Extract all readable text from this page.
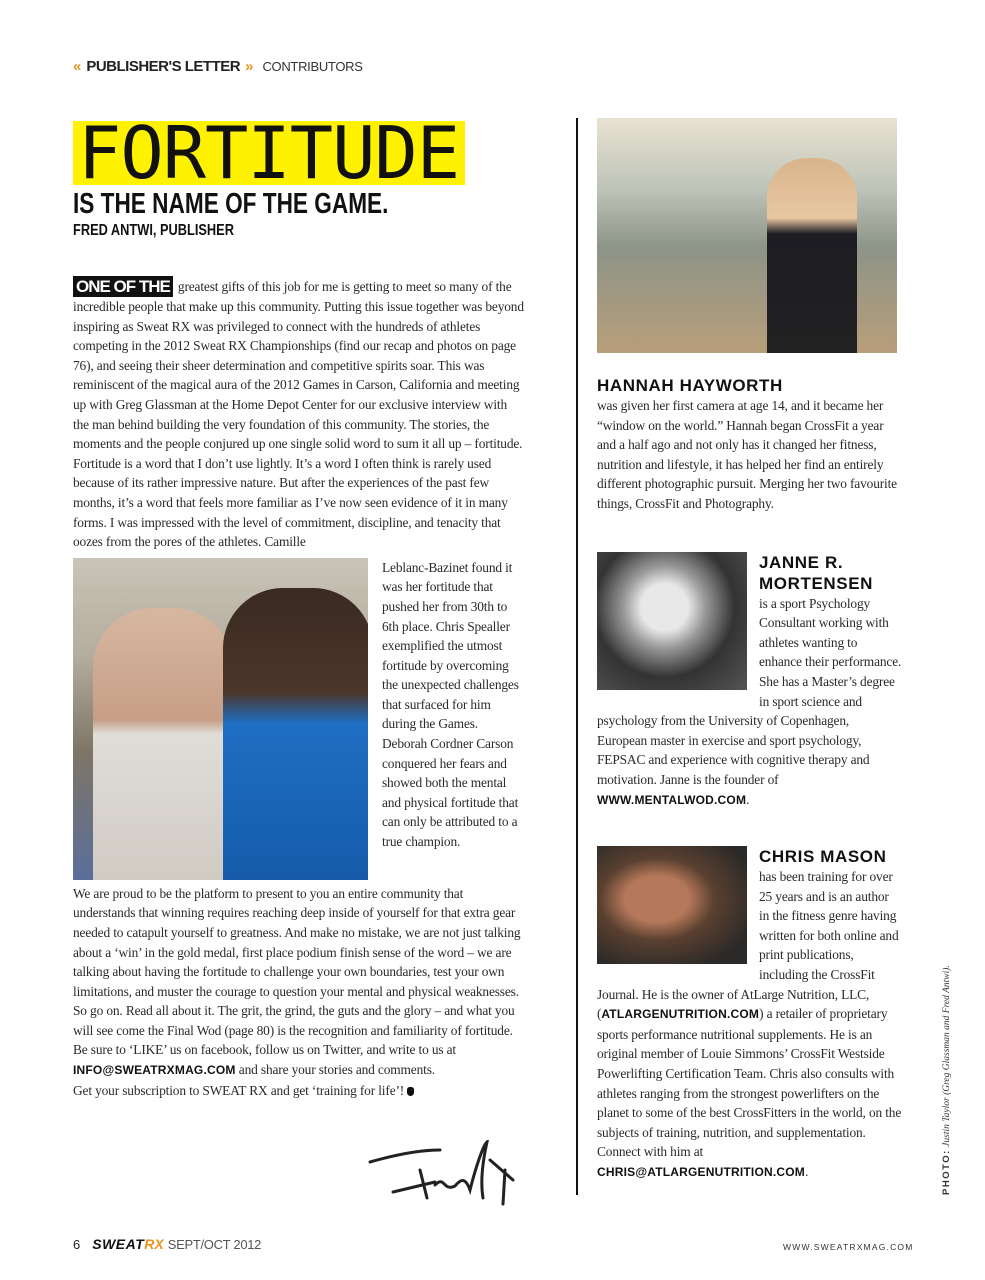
« PUBLISHER'S LETTER » CONTRIBUTORS
FORTITUDE
IS THE NAME OF THE GAME.
FRED ANTWI, PUBLISHER
ONE OF THE greatest gifts of this job for me is getting to meet so many of the incredible people that make up this community. Putting this issue together was beyond inspiring as Sweat RX was privileged to connect with the hundreds of athletes competing in the 2012 Sweat RX Championships (find our recap and photos on page 76), and seeing their sheer determination and competitive spirits soar. This was reminiscent of the magical aura of the 2012 Games in Carson, California and meeting up with Greg Glassman at the Home Depot Center for our exclusive interview with the man behind building the very foundation of this community. The stories, the moments and the people conjured up one single solid word to sum it all up – fortitude. Fortitude is a word that I don’t use lightly. It’s a word I often think is rarely used because of its rather impressive nature. But after the experiences of the past few months, it’s a word that feels more familiar as I’ve now seen evidence of it in many forms. I was impressed with the level of commitment, discipline, and tenacity that oozes from the pores of the athletes. Camille
Leblanc-Bazinet found it was her fortitude that pushed her from 30th to 6th place. Chris Spealler exemplified the utmost fortitude by overcoming the unexpected challenges that surfaced for him during the Games. Deborah Cordner Carson conquered her fears and showed both the mental and physical fortitude that can only be attributed to a true champion.
We are proud to be the platform to present to you an entire community that understands that winning requires reaching deep inside of yourself for that extra gear needed to catapult yourself to greatness. And make no mistake, we are not just talking about a ‘win’ in the gold medal, first place podium finish sense of the word – we are talking about having the fortitude to challenge your own boundaries, test your own limitations, and muster the courage to question your mental and physical weaknesses. So go on. Read all about it. The grit, the grind, the guts and the glory – and what you will see come the Final Wod (page 80) is the recognition and familiarity of fortitude. Be sure to ‘LIKE’ us on facebook, follow us on Twitter, and write to us at
INFO@SWEATRXMAG.COM and share your stories and comments.
Get your subscription to SWEAT RX and get ‘training for life’!
HANNAH HAYWORTH
was given her first camera at age 14, and it became her “window on the world.” Hannah began CrossFit a year and a half ago and not only has it changed her fitness, nutrition and lifestyle, it has helped her find an entirely different photographic pursuit. Merging her two favourite things, CrossFit and Photography.
JANNE R.
MORTENSEN
is a sport Psychology Consultant working with athletes wanting to enhance their performance. She has a Master’s degree in sport science and psychology from the University of Copenhagen, European master in exercise and sport psychology, FEPSAC and experience with cognitive therapy and motivation. Janne is the founder of
WWW.MENTALWOD.COM.
CHRIS MASON
has been training for over 25 years and is an author in the fitness genre having written for both online and print publications, including the CrossFit Journal. He is the owner of AtLarge Nutrition, LLC, (ATLARGENUTRITION.COM) a retailer of proprietary sports performance nutritional supplements. He is an original member of Louie Simmons’ CrossFit Westside Powerlifting Certification Team. Chris also consults with athletes ranging from the strongest powerlifters on the planet to some of the best CrossFitters in the world, on the subjects of training, nutrition, and supplementation. Connect with him at CHRIS@ATLARGENUTRITION.COM.	PHOTO: Justin Taylor (Greg Glassman and Fred Antwi).
6 SWEATRX SEPT/OCT 2012	WWW.SWEATRXMAG.COM
